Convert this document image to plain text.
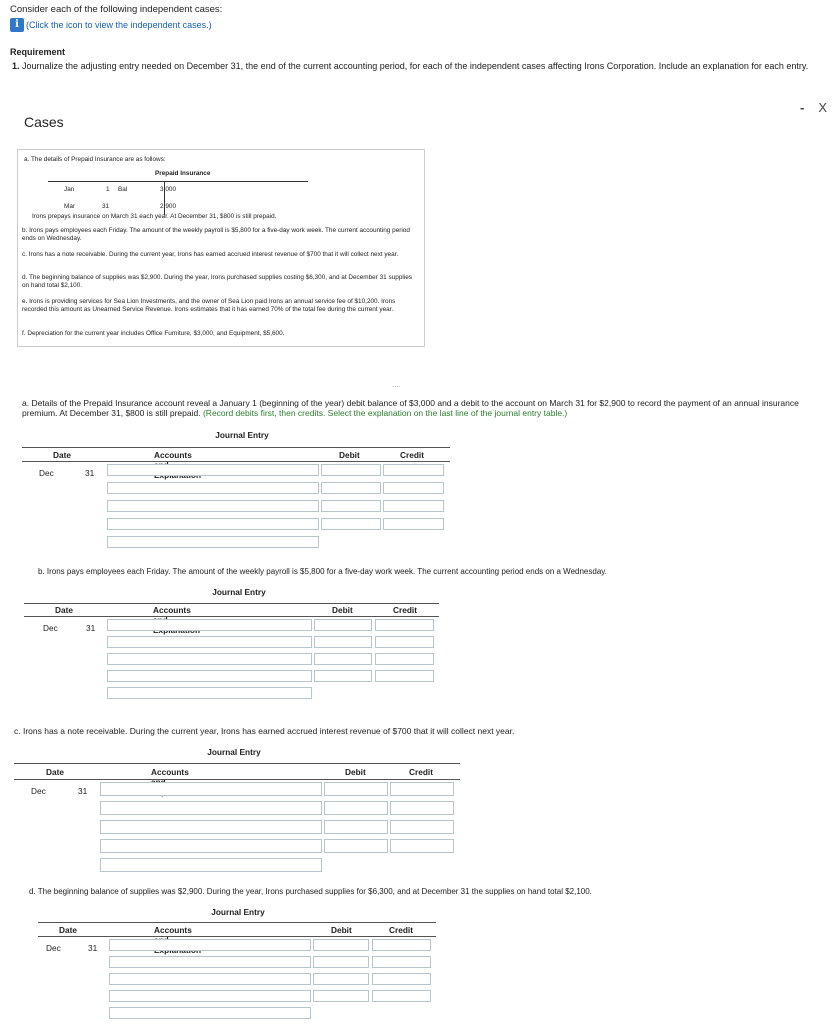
Consider each of the following independent cases:
i (Click the icon to view the independent cases.)
Requirement
1. Journalize the adjusting entry needed on December 31, the end of the current accounting period, for each of the independent cases affecting Irons Corporation. Include an explanation for each entry.
- X
Cases

a. The details of Prepaid Insurance are as follows:

Prepaid Insurance
Jan	1 Bal	3,000
Mar	31	2,900

Irons prepays insurance on March 31 each year. At December 31, $800 is still prepaid.

b. Irons pays employees each Friday. The amount of the weekly payroll is $5,800 for a five-day work week. The current accounting period ends on Wednesday.

c. Irons has a note receivable. During the current year, Irons has earned accrued interest revenue of $700 that it will collect next year.

d. The beginning balance of supplies was $2,900. During the year, Irons purchased supplies costing $6,300, and at December 31 supplies on hand total $2,100.

e. Irons is providing services for Sea Lion Investments, and the owner of Sea Lion paid Irons an annual service fee of $10,200. Irons recorded this amount as Unearned Service Revenue. Irons estimates that it has earned 70% of the total fee during the current year.

f. Depreciation for the current year includes Office Furniture, $3,000, and Equipment, $5,600.

....
a. Details of the Prepaid Insurance account reveal a January 1 (beginning of the year) debit balance of $3,000 and a debit to the account on March 31 for $2,900 to record the payment of an annual insurance premium. At December 31, $800 is still prepaid. (Record debits first, then credits. Select the explanation on the last line of the journal entry table.)
Journal Entry
Date	Accounts	Debit	Credit
Dec	31
b. Irons pays employees each Friday. The amount of the weekly payroll is $5,800 for a five-day work week. The current accounting period ends on a Wednesday.
Journal Entry
Date	Accounts	Debit	Credit
Dec	31
c. Irons has a note receivable. During the current year, Irons has earned accrued interest revenue of $700 that it will collect next year.
Journal Entry
Date	Accounts	Debit	Credit
Dec	31
d. The beginning balance of supplies was $2,900. During the year, Irons purchased supplies for $6,300, and at December 31 the supplies on hand total $2,100.
Journal Entry
Date	Accounts	Debit	Credit
Dec	31
